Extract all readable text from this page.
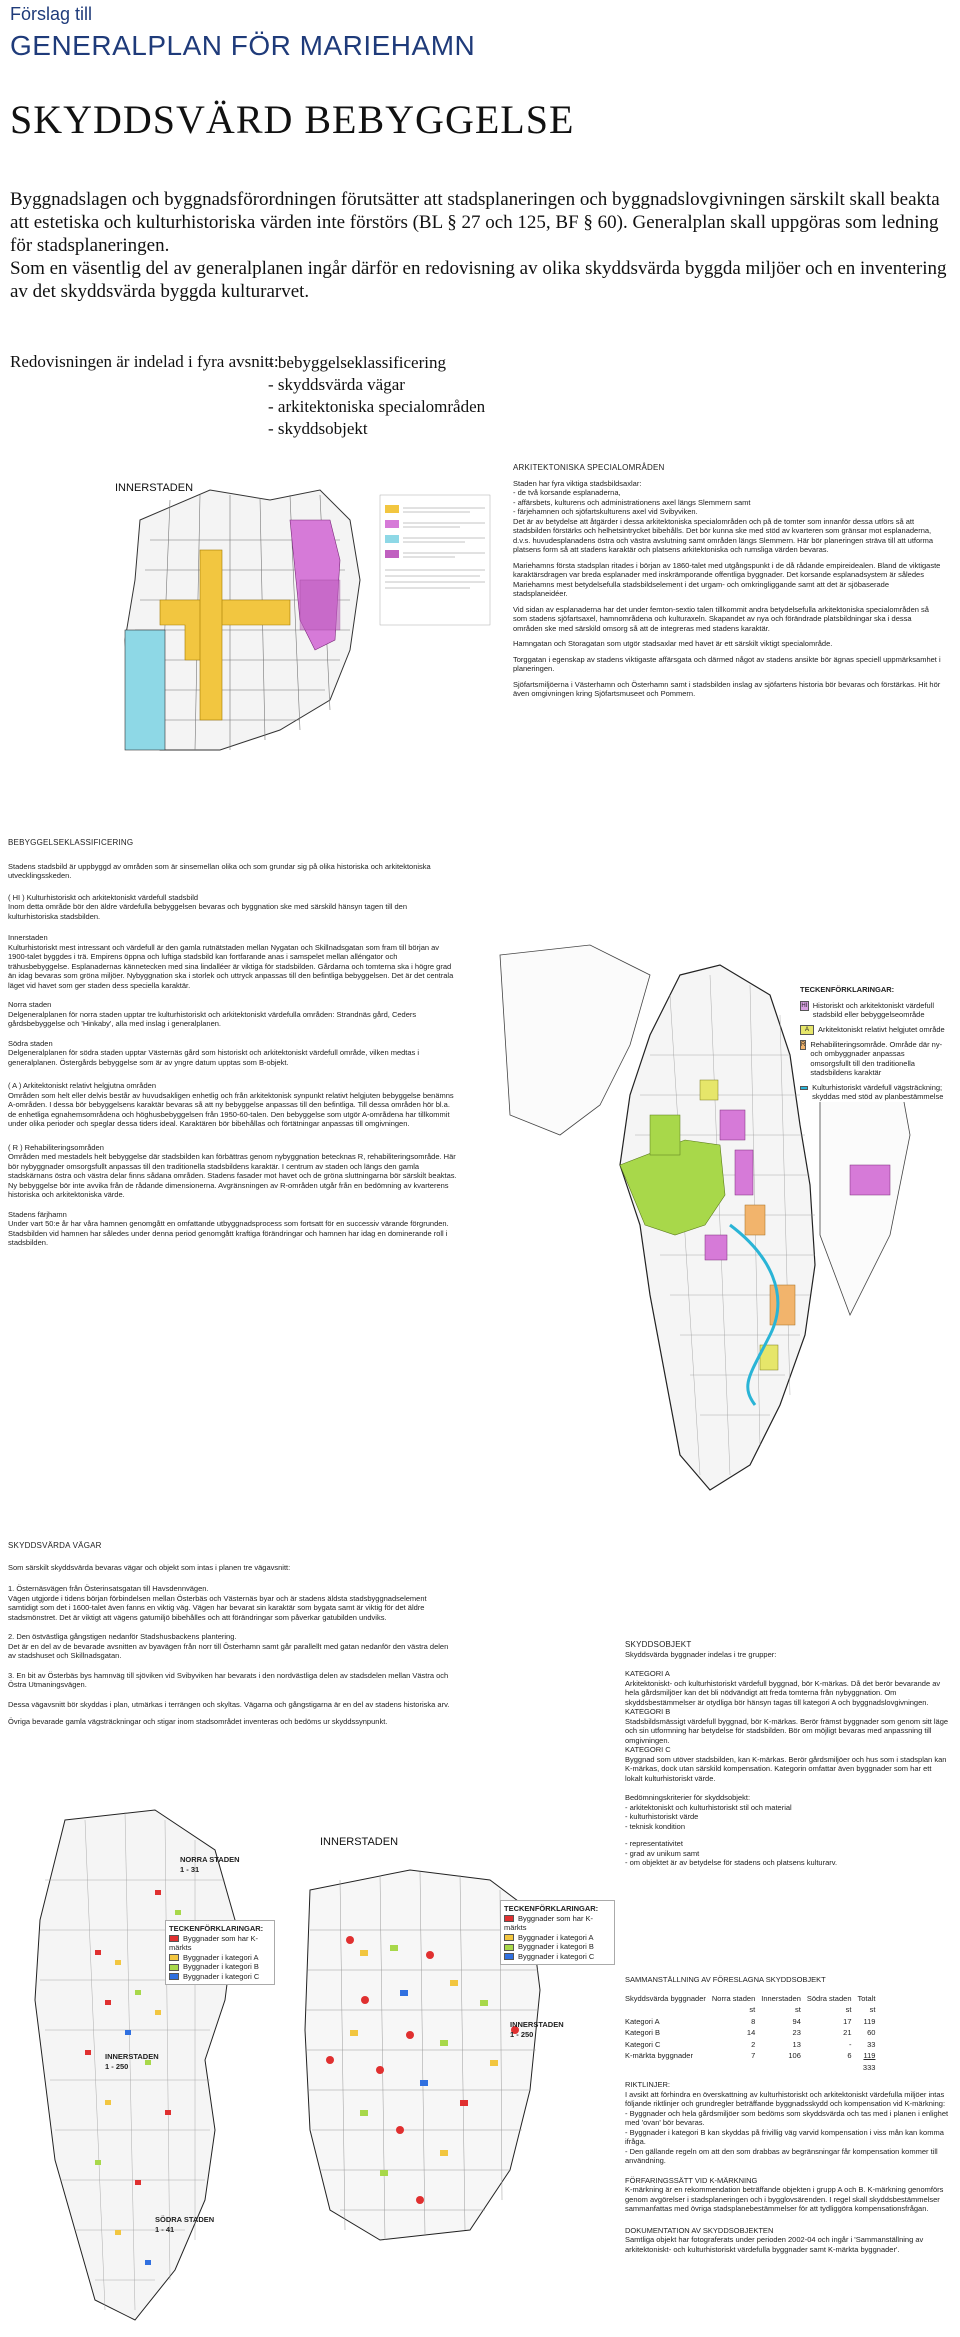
Förslag till
GENERALPLAN FÖR MARIEHAMN
SKYDDSVÄRD BEBYGGELSE

Byggnadslagen och byggnadsförordningen förutsätter att stadsplaneringen och byggnadslovgivningen särskilt skall beakta att estetiska och kulturhistoriska värden inte förstörs (BL § 27 och 125, BF § 60). Generalplan skall uppgöras som ledning för stadsplaneringen.

Som en väsentlig del av generalplanen ingår därför en redovisning av olika skyddsvärda byggda miljöer och en inventering av det skyddsvärda byggda kulturarvet.

Redovisningen är indelad i fyra avsnitt:
- bebyggelseklassificering
- skyddsvärda vägar
- arkitektoniska specialområden
- skyddsobjekt
INNERSTADEN
ARKITEKTONISKA SPECIALOMRÅDEN
Staden har fyra viktiga stadsbildsaxlar:
- de två korsande esplanaderna,
- affärsbets, kulturens och administrationens axel längs Slemmern samt
- färjehamnen och sjöfartskulturens axel vid Svibyviken.
Det är av betydelse att åtgärder i dessa arkitektoniska specialområden och på de tomter som innanför dessa utförs så att stadsbilden förstärks och helhetsintrycket bibehålls. Det bör kunna ske med stöd av kvarteren som gränsar mot esplanaderna, d.v.s. huvudesplanadens östra och västra avslutning samt områden längs Slemmern. Här bör planeringen sträva till att utforma platsens form så att stadens karaktär och platsens arkitektoniska och rumsliga värden bevaras.
Mariehamns första stadsplan ritades i början av 1860-talet med utgångspunkt i de då rådande empireidealen. Bland de viktigaste karaktärsdragen var breda esplanader med inskrämporande offentliga byggnader. Det korsande esplanadsystem är således Mariehamns mest betydelsefulla stadsbildselement i det urgam- och omkringliggande samt att det är sjöbaserade stadsplaneidéer.
Vid sidan av esplanaderna har det under femton-sextio talen tillkommit andra betydelsefulla arkitektoniska specialområden så som stadens sjöfartsaxel, hamnområdena och kulturaxeln. Skapandet av nya och förändrade platsbildningar ska i dessa områden ske med särskild omsorg så att de integreras med stadens karaktär.
Hamngatan och Storagatan som utgör stadsaxlar med havet är ett särskilt viktigt specialområde.
Torggatan i egenskap av stadens viktigaste affärsgata och därmed något av stadens ansikte bör ägnas speciell uppmärksamhet i planeringen.
Sjöfartsmiljöerna i Västerhamn och Österhamn samt i stadsbilden inslag av sjöfartens historia bör bevaras och förstärkas. Hit hör även omgivningen kring Sjöfartsmuseet och Pommern.
BEBYGGELSEKLASSIFICERING
Stadens stadsbild är uppbyggd av områden som är sinsemellan olika och som grundar sig på olika historiska och arkitektoniska utvecklingsskeden.
( HI ) Kulturhistoriskt och arkitektoniskt värdefull stadsbild
Inom detta område bör den äldre värdefulla bebyggelsen bevaras och byggnation ske med särskild hänsyn tagen till den kulturhistoriska stadsbilden.
Innerstaden
Kulturhistoriskt mest intressant och värdefull är den gamla rutnätstaden mellan Nygatan och Skillnadsgatan som fram till början av 1900-talet byggdes i trä. Empirens öppna och luftiga stadsbild kan fortfarande anas i samspelet mellan alléngator och trähusbebyggelse. Esplanadernas kännetecken med sina lindalléer är viktiga för stadsbilden. Gårdarna och tomterna ska i högre grad än idag bevaras som gröna miljöer. Nybyggnation ska i storlek och uttryck anpassas till den befintliga bebyggelsen. Det är det centrala läget vid havet som ger staden dess speciella karaktär.
Norra staden
Delgeneralplanen för norra staden upptar tre kulturhistoriskt och arkitektoniskt värdefulla områden: Strandnäs gård, Ceders gårdsbebyggelse och 'Hinkaby', alla med inslag i generalplanen.
Södra staden
Delgeneralplanen för södra staden upptar Västernäs gård som historiskt och arkitektoniskt värdefull område, vilken medtas i generalplanen. Östergårds bebyggelse som är av yngre datum upptas som B-objekt.
( A ) Arkitektoniskt relativt helgjutna områden
Områden som helt eller delvis består av huvudsakligen enhetlig och från arkitektonisk synpunkt relativt helgjuten bebyggelse benämns A-områden. I dessa bör bebyggelsens karaktär bevaras så att ny bebyggelse anpassas till den befintliga. Till dessa områden hör bl.a. de enhetliga egnahemsområdena och höghusbebyggelsen från 1950-60-talen. Den bebyggelse som utgör A-områdena har tillkommit under olika perioder och speglar dessa tiders ideal. Karaktären bör bibehållas och förtätningar anpassas till omgivningen.
( R ) Rehabiliteringsområden
Områden med mestadels helt bebyggelse där stadsbilden kan förbättras genom nybyggnation betecknas R, rehabiliteringsområde. Här bör nybyggnader omsorgsfullt anpassas till den traditionella stadsbildens karaktär. I centrum av staden och längs den gamla stadskärnans östra och västra delar finns sådana områden. Stadens fasader mot havet och de gröna sluttningarna bör särskilt beaktas. Ny bebyggelse bör inte avvika från de rådande dimensionerna. Avgränsningen av R-områden utgår från en bedömning av kvarterens historiska och arkitektoniska värde.
Stadens färjhamn
Under vart 50:e år har våra hamnen genomgått en omfattande utbyggnadsprocess som fortsatt för en successiv värande förgrunden. Stadsbilden vid hamnen har således under denna period genomgått kraftiga förändringar och hamnen har idag en dominerande roll i stadsbilden.
TECKENFÖRKLARINGAR:
HI Historiskt och arkitektoniskt värdefull stadsbild eller bebyggelseområde
A	Arkitektoniskt relativt helgjutet område
R Rehabiliteringsområde. Område där ny- och ombyggnader anpassas omsorgsfullt till den traditionella stadsbildens karaktär
Kulturhistoriskt värdefull vägsträckning; skyddas med stöd av planbestämmelse
SKYDDSVÄRDA VÄGAR
Som särskilt skyddsvärda bevaras vägar och objekt som intas i planen tre vägavsnitt:
1. Östernäsvägen från Österinsatsgatan till Havsdennvägen.
Vägen utgjorde i tidens början förbindelsen mellan Österbäs och Västernäs byar och är stadens äldsta stadsbyggnadselement samtidigt som det i 1600-talet även fanns en viktig väg. Vägen har bevarat sin karaktär som bygata samt är viktig för det äldre stadsmönstret. Det är viktigt att vägens gatumiljö bibehålles och att förändringar som påverkar gatubilden undviks.
2. Den östvästliga gångstigen nedanför Stadshusbackens plantering.
Det är en del av de bevarade avsnitten av byavägen från norr till Österhamn samt går parallellt med gatan nedanför den västra delen av stadshuset och Skillnadsgatan.
3. En bit av Österbäs bys hamnväg till sjöviken vid Svibyviken har bevarats i den nordvästliga delen av stadsdelen mellan Västra och Östra Utmaningsvägen.
Dessa vägavsnitt bör skyddas i plan, utmärkas i terrängen och skyltas. Vägarna och gångstigarna är en del av stadens historiska arv.
Övriga bevarade gamla vägsträckningar och stigar inom stadsområdet inventeras och bedöms ur skyddssynpunkt.
SKYDDSOBJEKT
Skyddsvärda byggnader indelas i tre grupper:
KATEGORI A
Arkitektoniskt- och kulturhistoriskt värdefull byggnad, bör K-märkas. Då det berör bevarande av hela gårdsmiljöer kan det bli nödvändigt att freda tomterna från nybyggnation. Om skyddsbestämmelser är otydliga bör hänsyn tagas till kategori A och byggnadslovgivningen.
KATEGORI B
Stadsbildsmässigt värdefull byggnad, bör K-märkas. Berör främst byggnader som genom sitt läge och sin utformning har betydelse för stadsbilden. Bör om möjligt bevaras med anpassning till omgivningen.
KATEGORI C
Byggnad som utöver stadsbilden, kan K-märkas. Berör gårdsmiljöer och hus som i stadsplan kan K-märkas, dock utan särskild kompensation. Kategorin omfattar även byggnader som har ett lokalt kulturhistoriskt värde.
Bedömningskriterier för skyddsobjekt:
- arkitektoniskt och kulturhistoriskt stil och material
- kulturhistoriskt värde
- teknisk kondition
- representativitet
- grad av unikum samt
- om objektet är av betydelse för stadens och platsens kulturarv.
SAMMANSTÄLLNING AV FÖRESLAGNA SKYDDSOBJEKT
Skyddsvärda byggnader	Norra staden	Innerstaden	Södra staden	Totalt
	st	st	st	st
Kategori A	8	94	17	119
Kategori B	14	23	21	60
Kategori C	2	13	-	33
K-märkta byggnader	7	106	6	119
				333
RIKTLINJER:
I avsikt att förhindra en överskattning av kulturhistoriskt och arkitektoniskt värdefulla miljöer intas följande riktlinjer och grundregler beträffande byggnadsskydd och kompensation vid K-märkning:
- Byggnader och hela gårdsmiljöer som bedöms som skyddsvärda och tas med i planen i enlighet med 'ovan' bör bevaras.
- Byggnader i kategori B kan skyddas på frivillig väg varvid kompensation i viss mån kan komma ifråga.
- Den gällande regeln om att den som drabbas av begränsningar får kompensation kommer till användning.
FÖRFARINGSSÄTT VID K-MÄRKNING
K-märkning är en rekommendation beträffande objekten i grupp A och B. K-märkning genomförs genom avgörelser i stadsplaneringen och i bygglovsärenden. I regel skall skyddsbestämmelser sammanfattas med övriga stadsplanebestämmelser för att tydliggöra kompensationsfrågan.
DOKUMENTATION AV SKYDDSOBJEKTEN
Samtliga objekt har fotograferats under perioden 2002-04 och ingår i 'Sammanställning av arkitektoniskt- och kulturhistoriskt värdefulla byggnader samt K-märkta byggnader'.
NORRA STADEN
1 - 31
INNERSTADEN
1 - 250
SÖDRA STADEN
1 - 41
TECKENFÖRKLARINGAR:
Byggnader som har K-märkts
Byggnader i kategori A
Byggnader i kategori B
Byggnader i kategori C
INNERSTADEN
TECKENFÖRKLARINGAR:
Byggnader som har K-märkts
Byggnader i kategori A
Byggnader i kategori B
Byggnader i kategori C
INNERSTADEN
1 - 250
